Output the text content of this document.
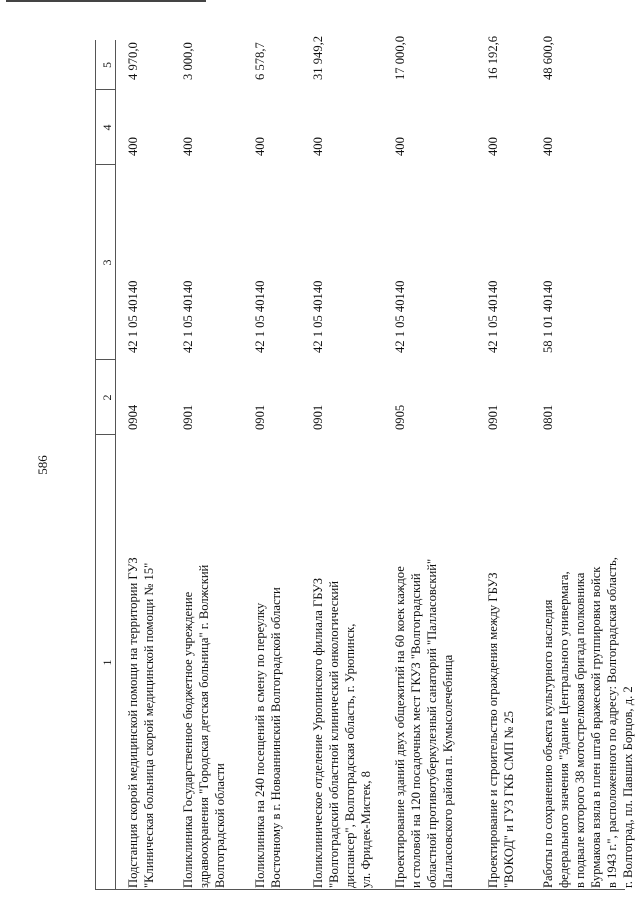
586
1
2
3
4
5
Подстанция скорой медицинской помощи на территории ГУЗ "Клиническая больница скорой медицинской помощи № 15"
0904
42 1 05 40140
400
4 970,0
Поликлиника Государственное бюджетное учреждение здравоохранения "Городская детская больница" г. Волжский Волгоградской области
0901
42 1 05 40140
400
3 000,0
Поликлиника на 240 посещений в смену по переулку Восточному в г. Новоаннинский Волгоградской области
0901
42 1 05 40140
400
6 578,7
Поликлиническое отделение Урюпинского филиала ГБУЗ "Волгоградский областной клинический онкологический диспансер", Волгоградская область, г. Урюпинск, ул. Фридек-Мистек, 8
0901
42 1 05 40140
400
31 949,2
Проектирование зданий двух общежитий на 60 коек каждое и столовой на 120 посадочных мест ГКУЗ "Волгоградский областной противотуберкулезный санаторий "Палласовский" Палласовского района п. Кумысолечебница
0905
42 1 05 40140
400
17 000,0
Проектирование и строительство ограждения между ГБУЗ "ВОКОД" и ГУЗ ГКБ СМП № 25
0901
42 1 05 40140
400
16 192,6
Работы по сохранению объекта культурного наследия федерального значения "Здание Центрального универмага, в подвале которого 38 мотострелковая бригада полковника Бурмакова взяла в плен штаб вражеской группировки войск в 1943 г.", расположенного по адресу: Волгоградская область, г. Волгоград, пл. Павших Борцов, д. 2
0801
58 1 01 40140
400
48 600,0
